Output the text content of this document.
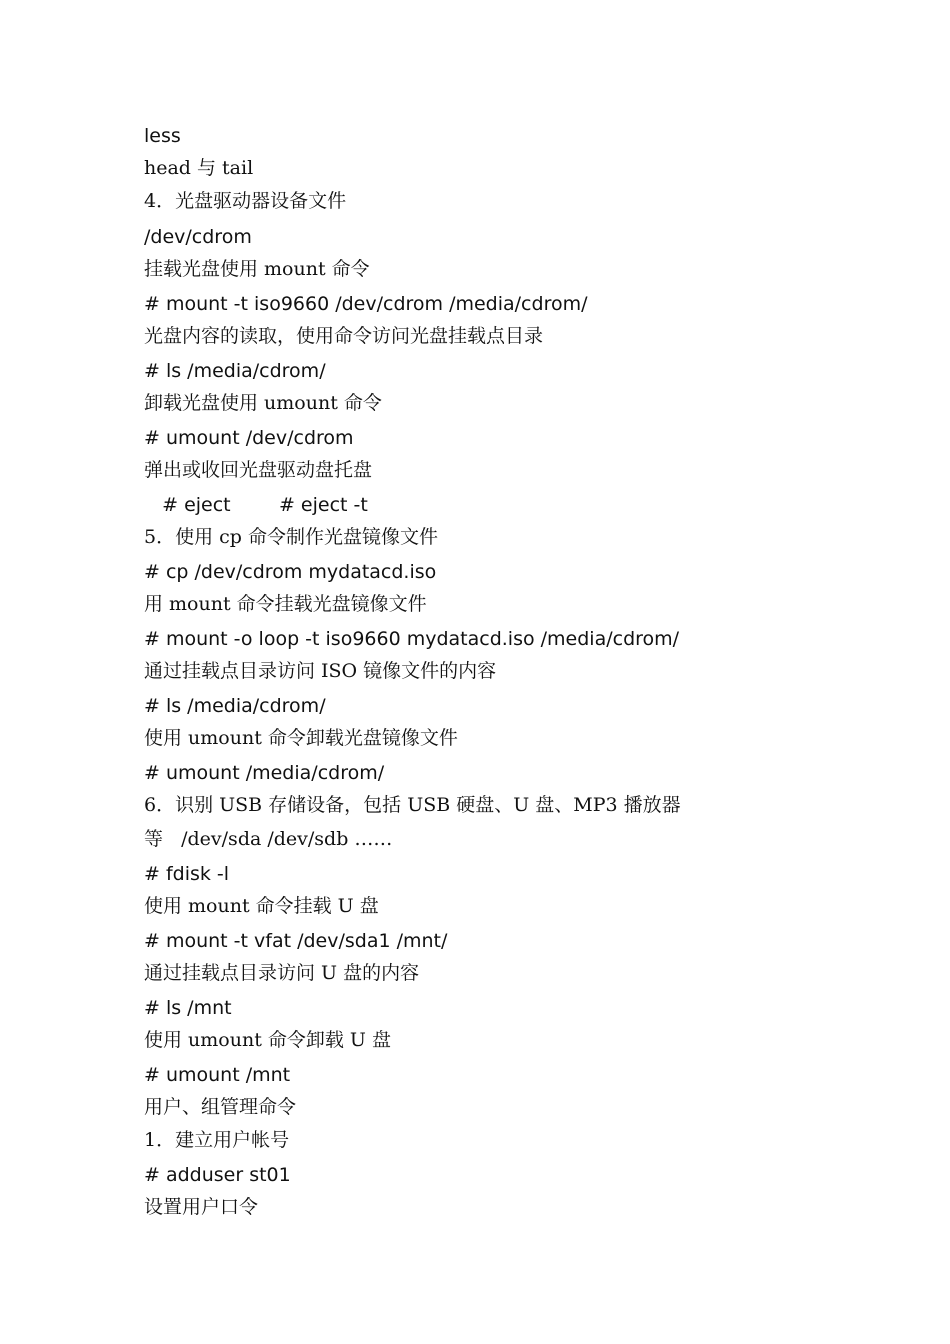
less
head 与 tail
4．光盘驱动器设备文件
/dev/cdrom
挂载光盘使用 mount 命令
# mount -t iso9660 /dev/cdrom /media/cdrom/
光盘内容的读取，使用命令访问光盘挂载点目录
# ls /media/cdrom/
卸载光盘使用 umount 命令
# umount /dev/cdrom
弹出或收回光盘驱动盘托盘
# eject        # eject -t
5．使用 cp 命令制作光盘镜像文件
# cp /dev/cdrom mydatacd.iso
用 mount 命令挂载光盘镜像文件
# mount -o loop -t iso9660 mydatacd.iso /media/cdrom/
通过挂载点目录访问 ISO 镜像文件的内容
# ls /media/cdrom/
使用 umount 命令卸载光盘镜像文件
# umount /media/cdrom/
6．识别 USB 存储设备，包括 USB 硬盘、U 盘、MP3 播放器
等   /dev/sda /dev/sdb ……
# fdisk -l
使用 mount 命令挂载 U 盘
# mount -t vfat /dev/sda1 /mnt/
通过挂载点目录访问 U 盘的内容
# ls /mnt
使用 umount 命令卸载 U 盘
# umount /mnt
用户、组管理命令
1．建立用户帐号
# adduser st01
设置用户口令
